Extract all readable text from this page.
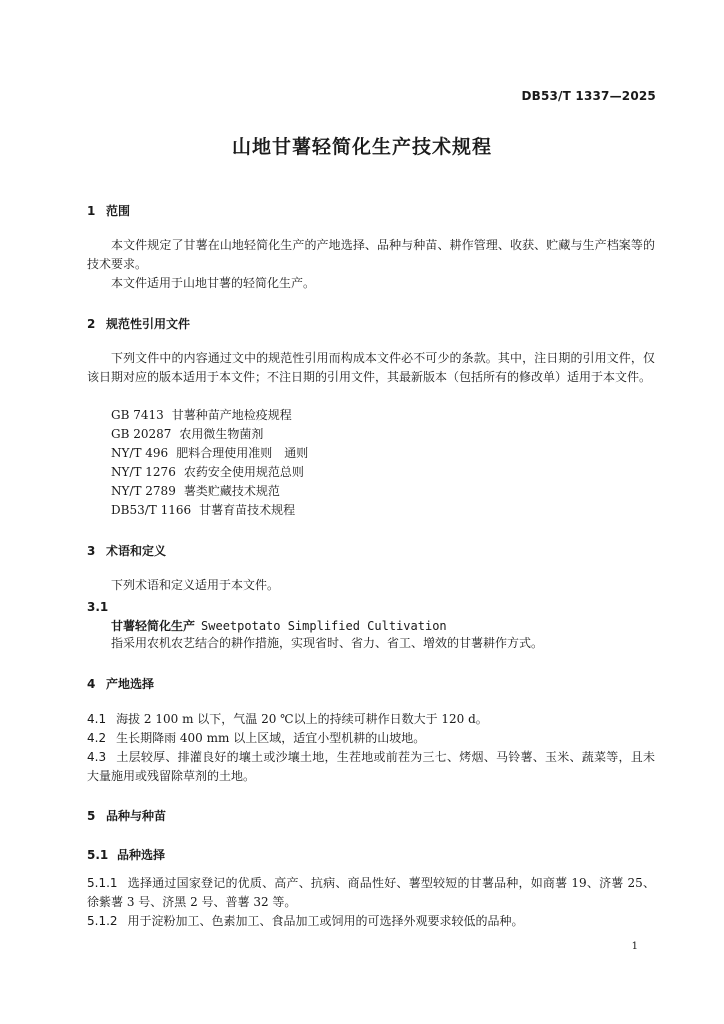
DB53/T 1337—2025
山地甘薯轻简化生产技术规程
1 范围
本文件规定了甘薯在山地轻简化生产的产地选择、品种与种苗、耕作管理、收获、贮藏与生产档案等的技术要求。
本文件适用于山地甘薯的轻简化生产。
2 规范性引用文件
下列文件中的内容通过文中的规范性引用而构成本文件必不可少的条款。其中，注日期的引用文件，仅该日期对应的版本适用于本文件；不注日期的引用文件，其最新版本（包括所有的修改单）适用于本文件。
GB 7413 甘薯种苗产地检疫规程
GB 20287 农用微生物菌剂
NY/T 496 肥料合理使用准则　通则
NY/T 1276 农药安全使用规范总则
NY/T 2789 薯类贮藏技术规范
DB53/T 1166 甘薯育苗技术规程
3 术语和定义
下列术语和定义适用于本文件。
3.1
甘薯轻简化生产 Sweetpotato Simplified Cultivation
指采用农机农艺结合的耕作措施，实现省时、省力、省工、增效的甘薯耕作方式。
4 产地选择
4.1 海拔 2 100 m 以下，气温 20 ℃以上的持续可耕作日数大于 120 d。
4.2 生长期降雨 400 mm 以上区域，适宜小型机耕的山坡地。
4.3 土层较厚、排灌良好的壤土或沙壤土地，生茬地或前茬为三七、烤烟、马铃薯、玉米、蔬菜等，且未大量施用或残留除草剂的土地。
5 品种与种苗
5.1 品种选择
5.1.1 选择通过国家登记的优质、高产、抗病、商品性好、薯型较短的甘薯品种，如商薯 19、济薯 25、徐紫薯 3 号、济黑 2 号、普薯 32 等。
5.1.2 用于淀粉加工、色素加工、食品加工或饲用的可选择外观要求较低的品种。
1
